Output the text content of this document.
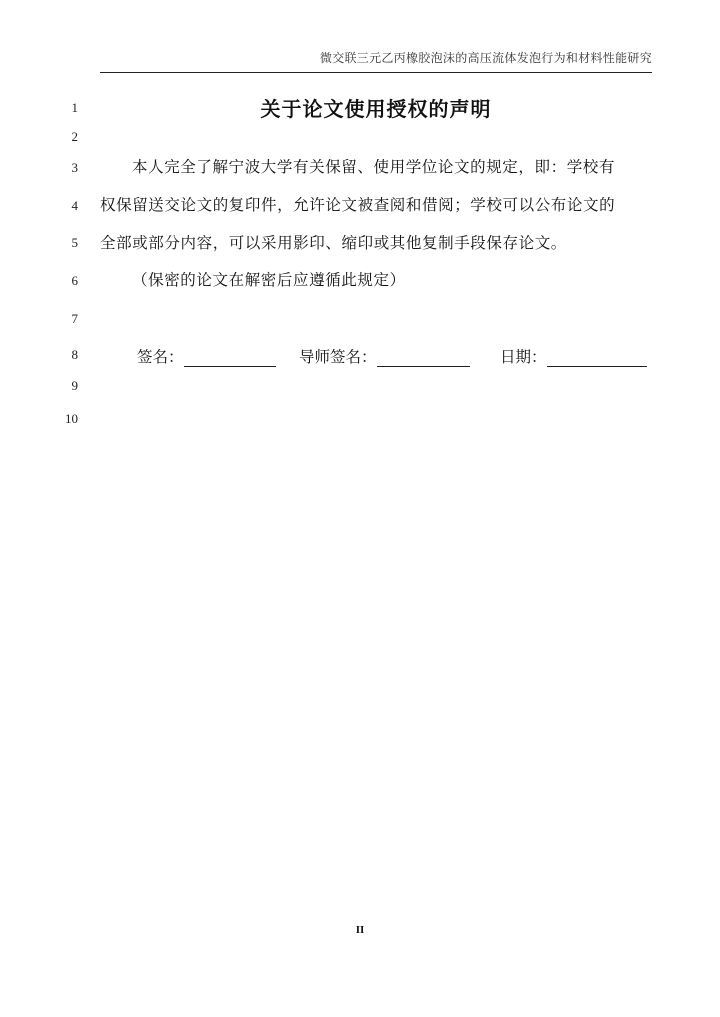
微交联三元乙丙橡胶泡沫的高压流体发泡行为和材料性能研究
1
2
3
4
5
6
7
8
9
10
关于论文使用授权的声明
本人完全了解宁波大学有关保留、使用学位论文的规定，即：学校有
权保留送交论文的复印件，允许论文被查阅和借阅；学校可以公布论文的
全部或部分内容，可以采用影印、缩印或其他复制手段保存论文。
（保密的论文在解密后应遵循此规定）
签名：	导师签名：	日期：
II
